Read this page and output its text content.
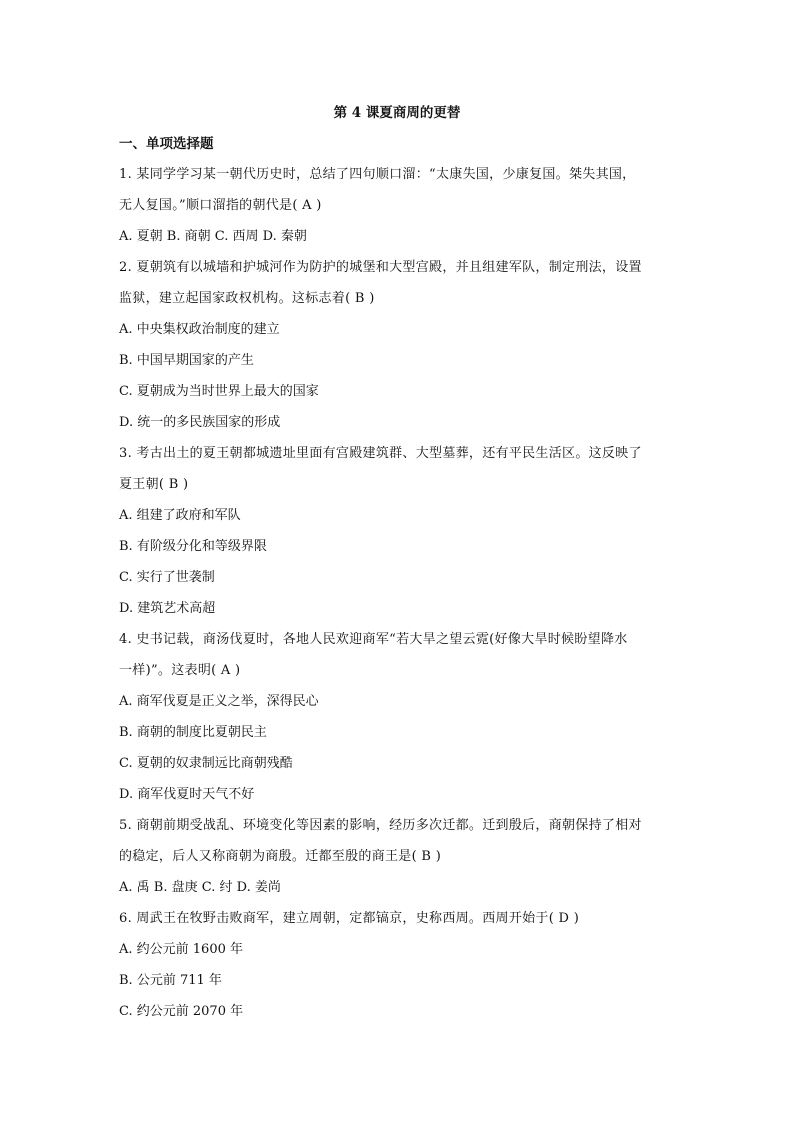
第 4 课夏商周的更替
一、单项选择题
1. 某同学学习某一朝代历史时，总结了四句顺口溜：“太康失国，少康复国。桀失其国，
无人复国。”顺口溜指的朝代是( A )
A. 夏朝 B. 商朝 C. 西周 D. 秦朝
2. 夏朝筑有以城墙和护城河作为防护的城堡和大型宫殿，并且组建军队，制定刑法，设置
监狱，建立起国家政权机构。这标志着( B )
A. 中央集权政治制度的建立
B. 中国早期国家的产生
C. 夏朝成为当时世界上最大的国家
D. 统一的多民族国家的形成
3. 考古出土的夏王朝都城遗址里面有宫殿建筑群、大型墓葬，还有平民生活区。这反映了
夏王朝( B )
A. 组建了政府和军队
B. 有阶级分化和等级界限
C. 实行了世袭制
D. 建筑艺术高超
4. 史书记载，商汤伐夏时，各地人民欢迎商军“若大旱之望云霓(好像大旱时候盼望降水
一样)”。这表明( A )
A. 商军伐夏是正义之举，深得民心
B. 商朝的制度比夏朝民主
C. 夏朝的奴隶制远比商朝残酷
D. 商军伐夏时天气不好
5. 商朝前期受战乱、环境变化等因素的影响，经历多次迁都。迁到殷后，商朝保持了相对
的稳定，后人又称商朝为商殷。迁都至殷的商王是( B )
A. 禹 B. 盘庚 C. 纣 D. 姜尚
6. 周武王在牧野击败商军，建立周朝，定都镐京，史称西周。西周开始于( D )
A. 约公元前 1600 年
B. 公元前 711 年
C. 约公元前 2070 年
